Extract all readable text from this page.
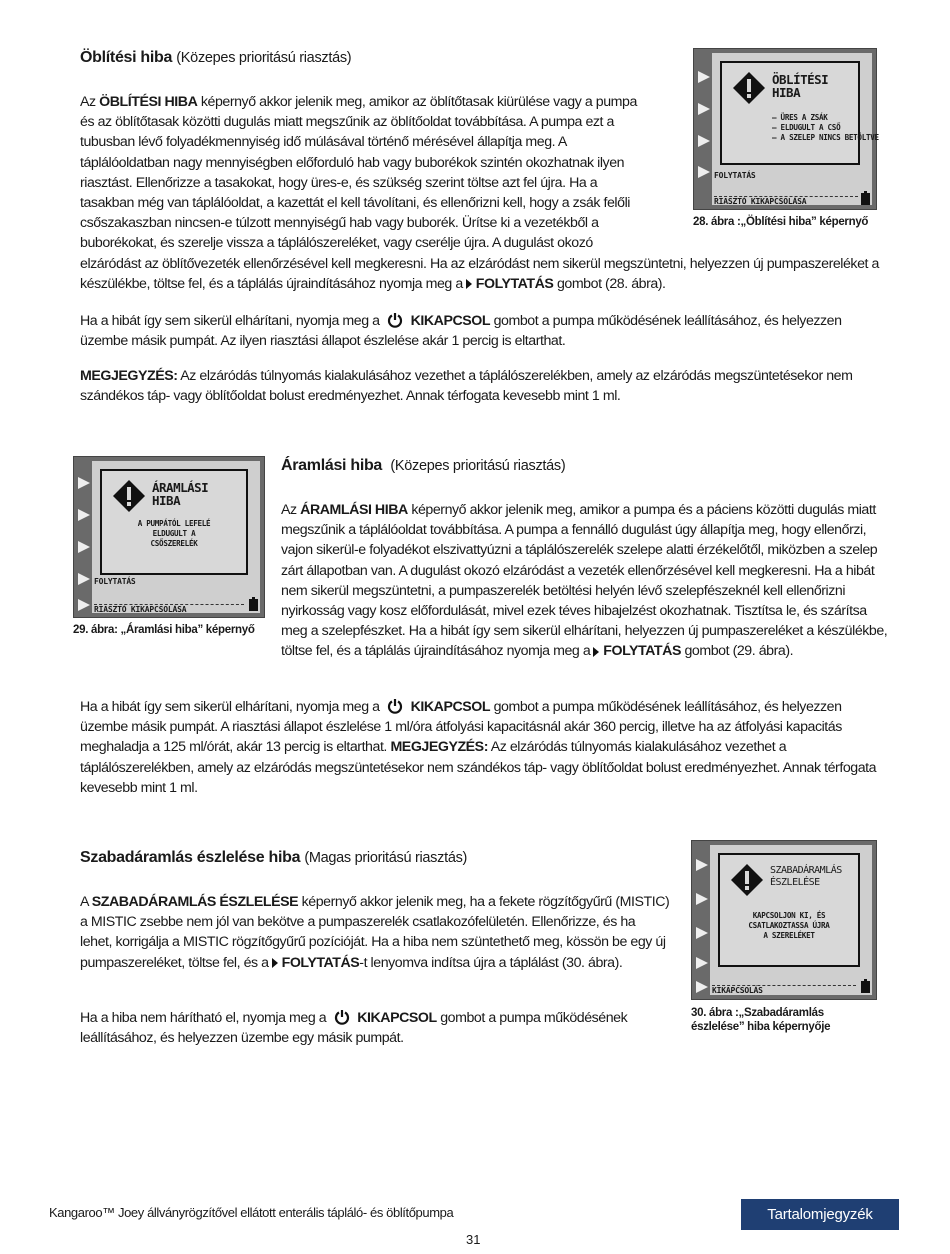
Öblítési hiba (Közepes prioritású riasztás)
ÖBLÍTÉSI
HIBA
– ÜRES A ZSÁK
– ELDUGULT A CSŐ
– A SZELEP NINCS BETÖLTVE
FOLYTATÁS
RIASZTÓ KIKAPCSOLÁSA
28. ábra :„Öblítési hiba” képernyő

Az ÖBLÍTÉSI HIBA képernyő akkor jelenik meg, amikor az öblítőtasak kiürülése vagy a pumpa és az öblítőtasak közötti dugulás miatt megszűnik az öblítőoldat továbbítása. A pumpa ezt a tubusban lévő folyadékmennyiség idő múlásával történő mérésével állapítja meg. A táplálóoldatban nagy mennyiségben előforduló hab vagy buborékok szintén okozhatnak ilyen riasztást. Ellenőrizze a tasakokat, hogy üres-e, és szükség szerint töltse azt fel újra. Ha a tasakban még van táplálóoldat, a kazettát el kell távolítani, és ellenőrizni kell, hogy a zsák felőli csőszakaszban nincsen-e túlzott mennyiségű hab vagy buborék. Ürítse ki a vezetékből a buborékokat, és szerelje vissza a táplálószereléket, vagy cserélje újra. A dugulást okozó elzáródást az öblítővezeték ellenőrzésével kell megkeresni. Ha az elzáródást nem sikerül megszüntetni, helyezzen új pumpaszereléket a készülékbe, töltse fel, és a táplálás újraindításához nyomja meg a FOLYTATÁS gombot (28. ábra).

Ha a hibát így sem sikerül elhárítani, nyomja meg a KIKAPCSOL gombot a pumpa működésének leállításához, és helyezzen üzembe másik pumpát. Az ilyen riasztási állapot észlelése akár 1 percig is eltarthat.
MEGJEGYZÉS: Az elzáródás túlnyomás kialakulásához vezethet a táplálószerelékben, amely az elzáródás megszüntetésekor nem szándékos táp- vagy öblítőoldat bolust eredményezhet. Annak térfogata kevesebb mint 1 ml.
ÁRAMLÁSI
HIBA
A PUMPÁTÓL LEFELÉ
ELDUGULT A
CSŐSZERELÉK
FOLYTATÁS
RIASZTÓ KIKAPCSOLÁSA
29. ábra: „Áramlási hiba” képernyő
Áramlási hiba (Közepes prioritású riasztás)
Az ÁRAMLÁSI HIBA képernyő akkor jelenik meg, amikor a pumpa és a páciens közötti dugulás miatt megszűnik a táplálóoldat továbbítása. A pumpa a fennálló dugulást úgy állapítja meg, hogy ellenőrzi, vajon sikerül-e folyadékot elszivattyúzni a táplálószerelék szelepe alatti érzékelőtől, miközben a szelep zárt állapotban van. A dugulást okozó elzáródást a vezeték ellenőrzésével kell megkeresni. Ha a hibát nem sikerül megszüntetni, a pumpaszerelék betöltési helyén lévő szelepfészeknél kell ellenőrizni nyirkosság vagy kosz előfordulását, mivel ezek téves hibajelzést okozhatnak. Tisztítsa le, és szárítsa meg a szelepfészket. Ha a hibát így sem sikerül elhárítani, helyezzen új pumpaszereléket a készülékbe, töltse fel, és a táplálás újraindításához nyomja meg a FOLYTATÁS gombot (29. ábra).
Ha a hibát így sem sikerül elhárítani, nyomja meg a KIKAPCSOL gombot a pumpa működésének leállításához, és helyezzen üzembe másik pumpát. A riasztási állapot észlelése 1 ml/óra átfolyási kapacitásnál akár 360 percig, illetve ha az átfolyási kapacitás meghaladja a 125 ml/órát, akár 13 percig is eltarthat. MEGJEGYZÉS: Az elzáródás túlnyomás kialakulásához vezethet a táplálószerelékben, amely az elzáródás megszüntetésekor nem szándékos táp- vagy öblítőoldat bolust eredményezhet. Annak térfogata kevesebb mint 1 ml.
Szabadáramlás észlelése hiba (Magas prioritású riasztás)
SZABADÁRAMLÁS
ÉSZLELÉSE
KAPCSOLJON KI, ÉS
CSATLAKOZTASSA ÚJRA
A SZERELÉKET
KIKAPCSOLÁS
30. ábra :„Szabadáramlás
észlelése” hiba képernyője
A SZABADÁRAMLÁS ÉSZLELÉSE képernyő akkor jelenik meg, ha a fekete rögzítőgyűrű (MISTIC) a MISTIC zsebbe nem jól van bekötve a pumpaszerelék csatlakozófelületén. Ellenőrizze, és ha lehet, korrigálja a MISTIC rögzítőgyűrű pozícióját. Ha a hiba nem szüntethető meg, kössön be egy új pumpaszereléket, töltse fel, és a FOLYTATÁS-t lenyomva indítsa újra a táplálást (30. ábra).
Ha a hiba nem hárítható el, nyomja meg a KIKAPCSOL gombot a pumpa működésének leállításához, és helyezzen üzembe egy másik pumpát.
Kangaroo™ Joey állványrögzítővel ellátott enterális tápláló- és öblítőpumpa
31
Tartalomjegyzék
